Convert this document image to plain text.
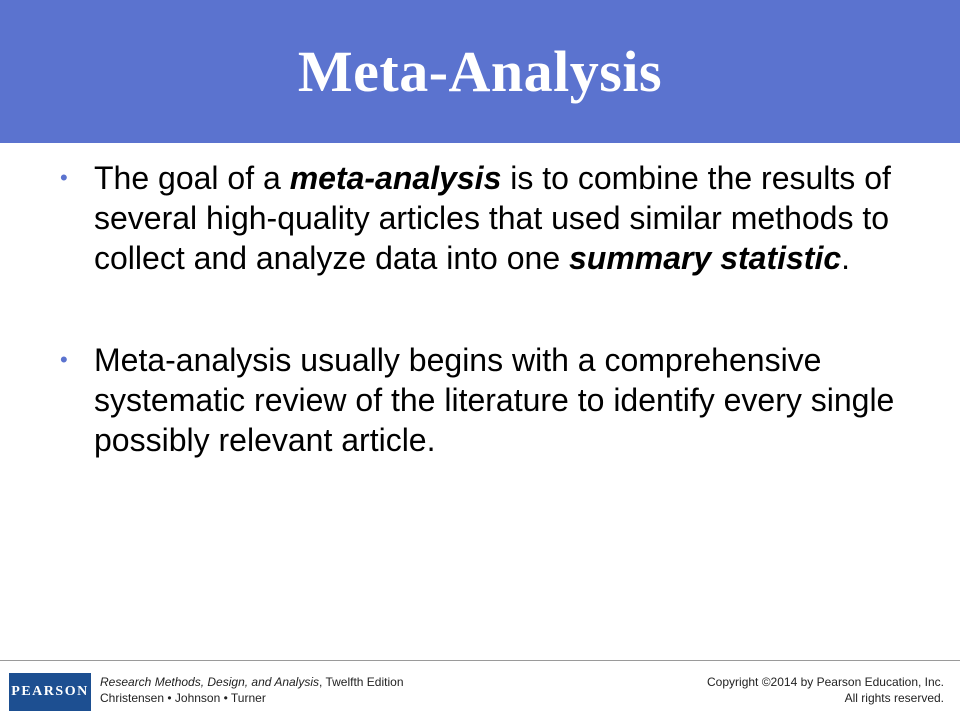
Meta-Analysis
• The goal of a meta-analysis is to combine the results of several high-quality articles that used similar methods to collect and analyze data into one summary statistic.
• Meta-analysis usually begins with a comprehensive systematic review of the literature to identify every single possibly relevant article.
PEARSON
Research Methods, Design, and Analysis, Twelfth Edition
Christensen • Johnson • Turner
Copyright ©2014 by Pearson Education, Inc.
All rights reserved.
